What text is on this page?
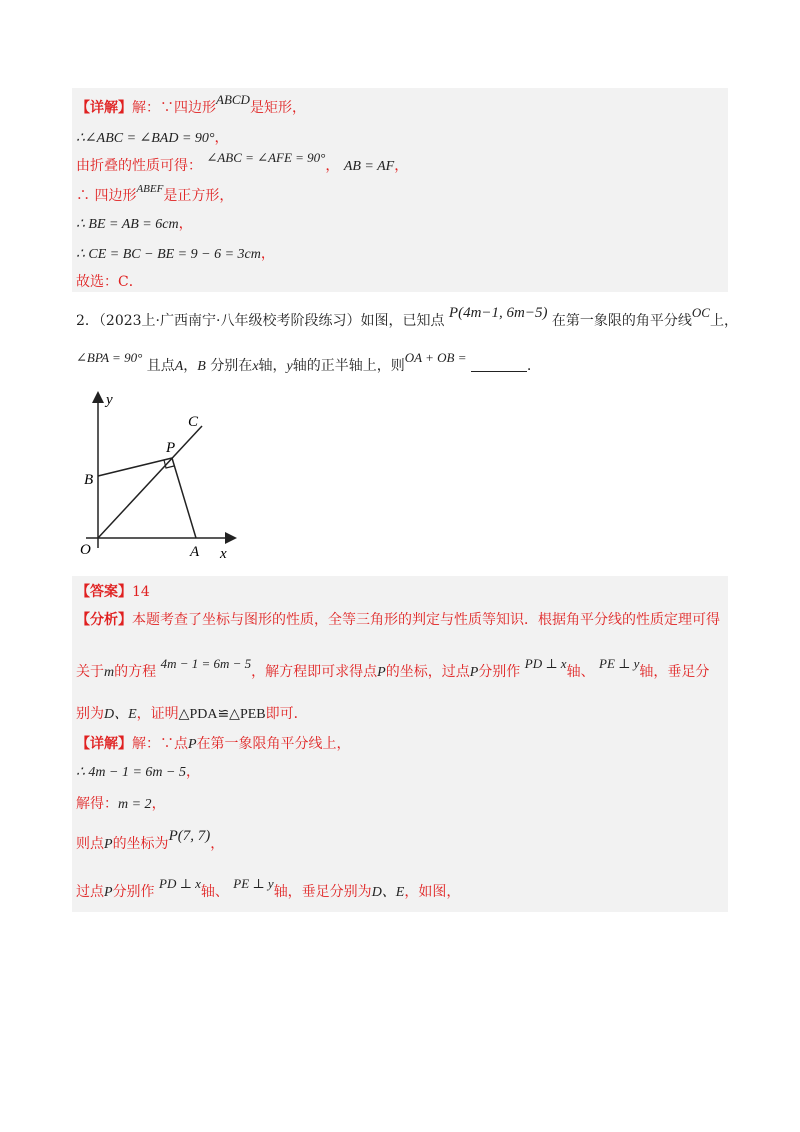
【详解】解：∵四边形ABCD是矩形，
∴∠ABC = ∠BAD = 90°，
由折叠的性质可得： ∠ABC = ∠AFE = 90°， AB = AF，
∴ 四边形$^{ABEF}$是正方形，
∴ BE = AB = 6cm，
∴ CE = BC − BE = 9 − 6 = 3cm，
故选：C．
2．（2023上·广西南宁·八年级校考阶段练习）如图，已知点 P(4m−1, 6m−5) 在第一象限的角平分线OC上，
∠BPA = 90° 且点A，B 分别在x轴，y轴的正半轴上，则OA + OB = .
y
x
O	A
B
C
P
【答案】14
【分析】本题考查了坐标与图形的性质，全等三角形的判定与性质等知识．根据角平分线的性质定理可得
关于m的方程 4m − 1 = 6m − 5，解方程即可求得点P的坐标，过点P分别作 PD ⊥ x轴、 PE ⊥ y轴，垂足分
别为D、E，证明△PDA≌△PEB即可．
【详解】解：∵点P在第一象限角平分线上，
∴ 4m − 1 = 6m − 5，
解得：m = 2，
则点P的坐标为P(7, 7)，
过点P分别作 PD ⊥ x轴、 PE ⊥ y轴，垂足分别为D、E，如图，
